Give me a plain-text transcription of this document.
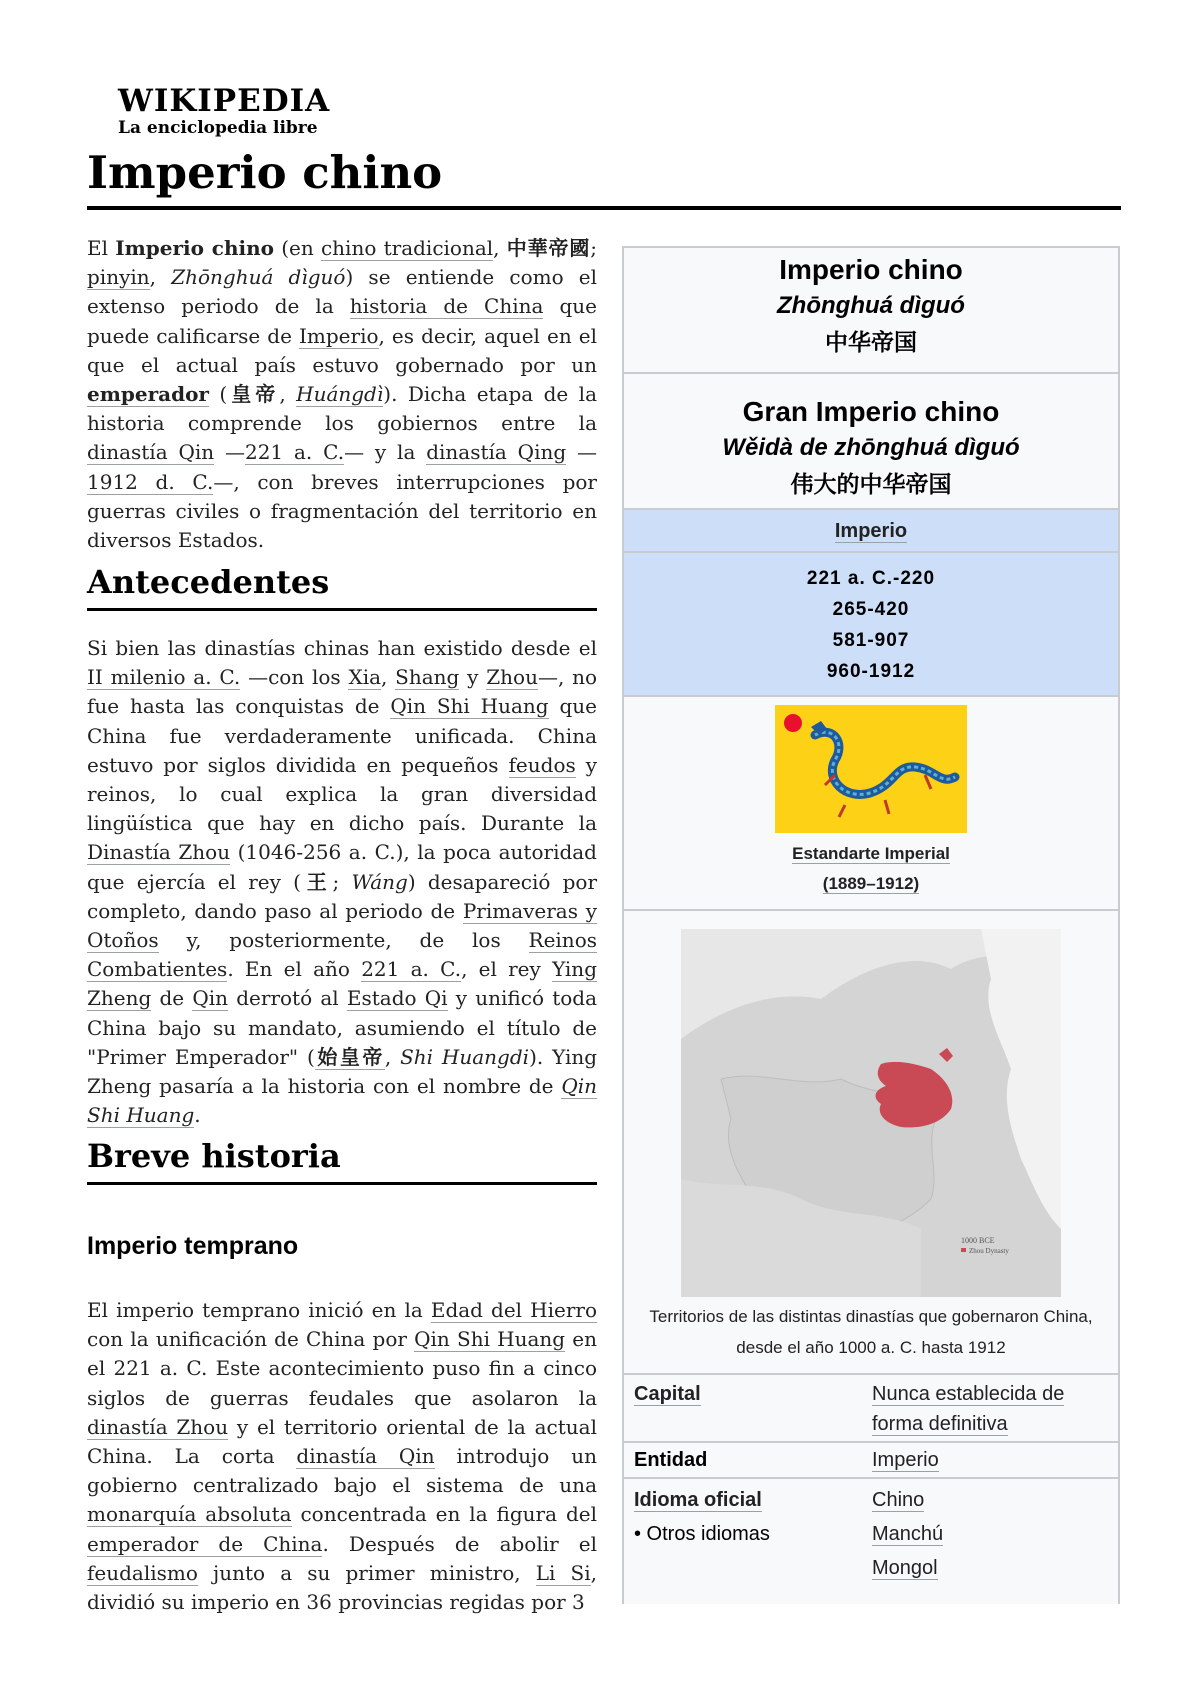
WIKIPEDIA
La enciclopedia libre
Imperio chino

El Imperio chino (en chino tradicional, 中華帝國; pinyin, Zhōnghuá dìguó) se entiende como el extenso periodo de la historia de China que puede calificarse de Imperio, es decir, aquel en el que el actual país estuvo gobernado por un emperador (皇帝, Huángdì). Dicha etapa de la historia comprende los gobiernos entre la dinastía Qin —221 a. C.— y la dinastía Qing —1912 d. C.—, con breves interrupciones por guerras civiles o fragmentación del territorio en diversos Estados.

Antecedentes

Si bien las dinastías chinas han existido desde el II milenio a. C. —con los Xia, Shang y Zhou—, no fue hasta las conquistas de Qin Shi Huang que China fue verdaderamente unificada. China estuvo por siglos dividida en pequeños feudos y reinos, lo cual explica la gran diversidad lingüística que hay en dicho país. Durante la Dinastía Zhou (1046-256 a. C.), la poca autoridad que ejercía el rey (王; Wáng) desapareció por completo, dando paso al periodo de Primaveras y Otoños y, posteriormente, de los Reinos Combatientes. En el año 221 a. C., el rey Ying Zheng de Qin derrotó al Estado Qi y unificó toda China bajo su mandato, asumiendo el título de "Primer Emperador" (始皇帝, Shi Huangdi). Ying Zheng pasaría a la historia con el nombre de Qin Shi Huang.

Breve historia
Imperio temprano

El imperio temprano inició en la Edad del Hierro con la unificación de China por Qin Shi Huang en el 221 a. C. Este acontecimiento puso fin a cinco siglos de guerras feudales que asolaron la dinastía Zhou y el territorio oriental de la actual China. La corta dinastía Qin introdujo un gobierno centralizado bajo el sistema de una monarquía absoluta concentrada en la figura del emperador de China. Después de abolir el feudalismo junto a su primer ministro, Li Si, dividió su imperio en 36 provincias regidas por 3

Imperio chino
Zhōnghuá dìguó
中华帝国
Gran Imperio chino
Wěidà de zhōnghuá dìguó
伟大的中华帝国
Imperio
221 a. C.-220
265-420
581-907
960-1912
Estandarte Imperial
(1889–1912)
1000 BCE
Zhou Dynasty
Territorios de las distintas dinastías que gobernaron China, desde el año 1000 a. C. hasta 1912
Capital	Nunca establecida de forma definitiva
Entidad	Imperio
Idioma oficial
• Otros idiomas
Chino
Manchú
Mongol
